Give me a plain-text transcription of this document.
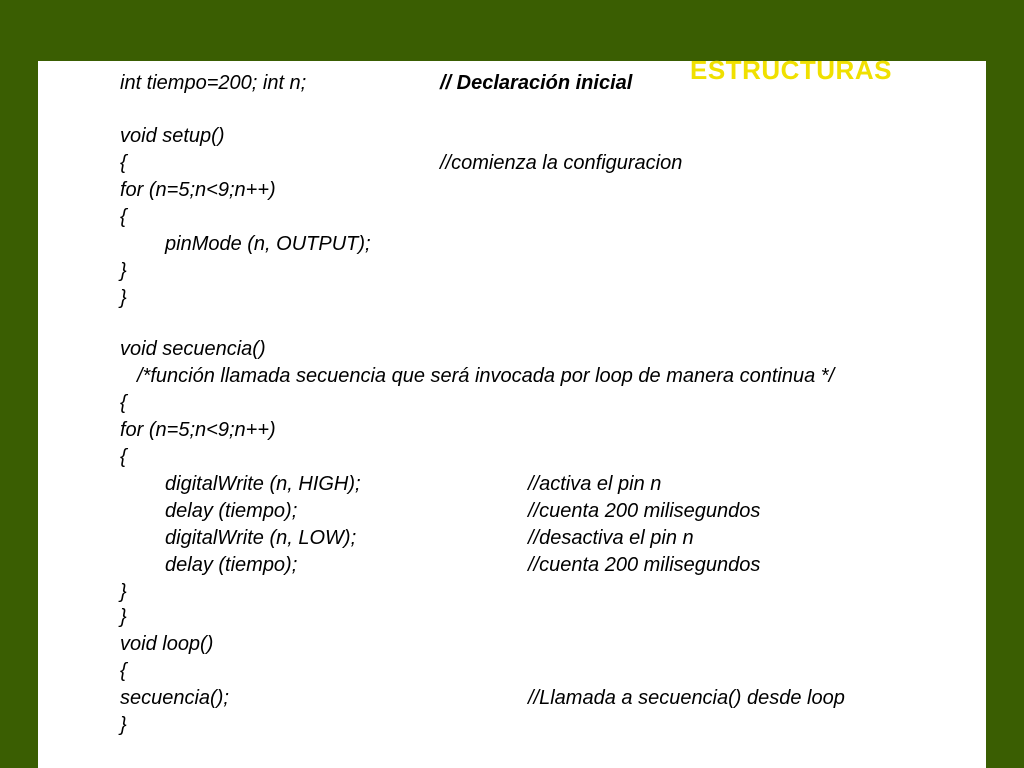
ESTRUCTURAS
int tiempo=200; int n;	// Declaración inicial
void setup()
{	//comienza la configuracion
for (n=5;n<9;n++)
{
pinMode (n, OUTPUT);
}
}
void secuencia()
/*función llamada secuencia que será invocada por loop de manera continua */
{
for (n=5;n<9;n++)
{
digitalWrite (n, HIGH);	//activa el pin n
delay (tiempo);	//cuenta 200 milisegundos
digitalWrite (n, LOW);	//desactiva el pin n
delay (tiempo);	//cuenta 200 milisegundos
}
}
void loop()
{
secuencia();	//Llamada a secuencia() desde loop
}
